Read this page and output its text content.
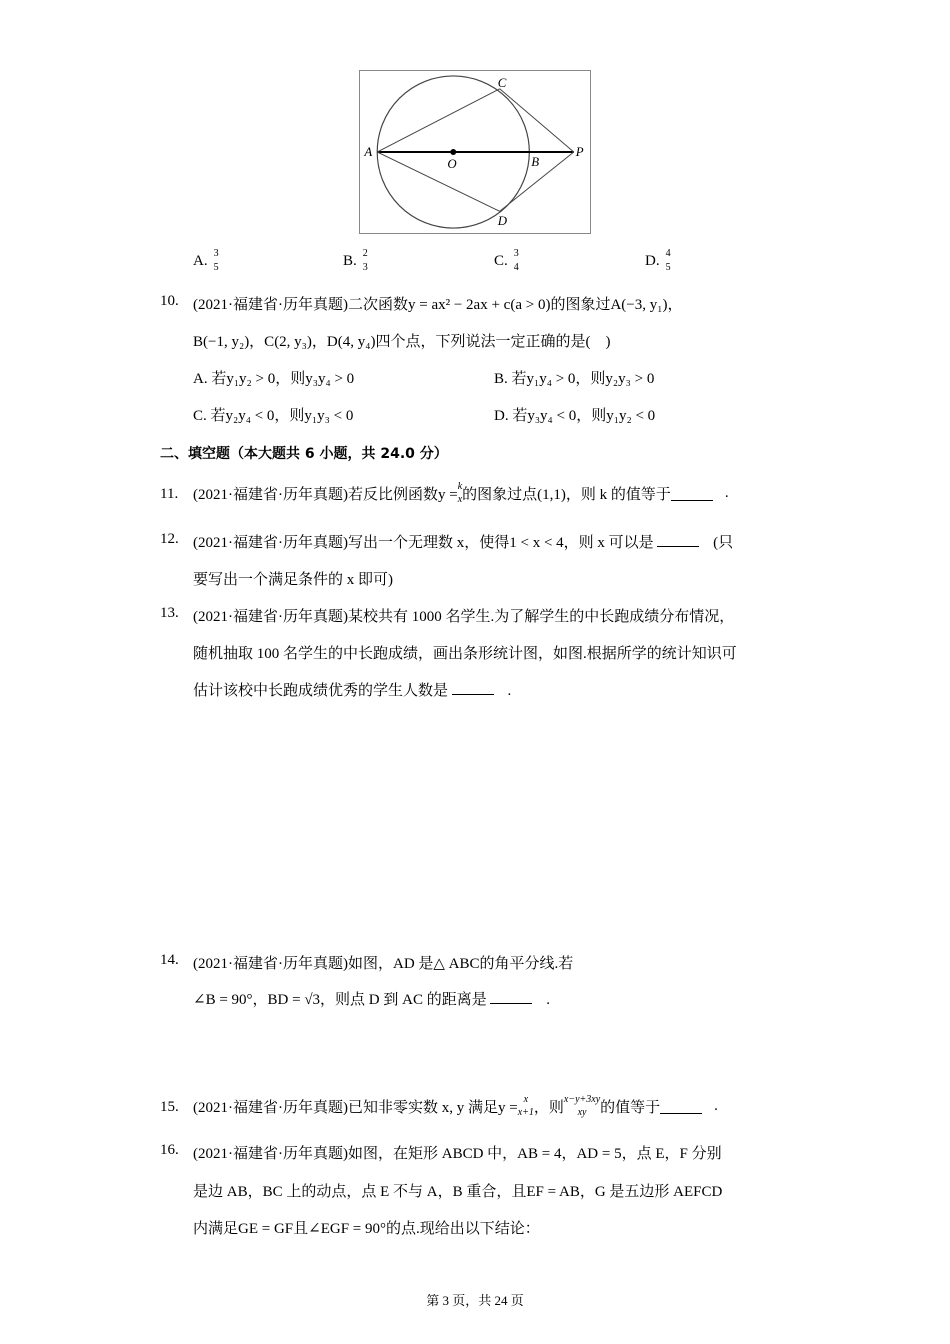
A
O	B
P
C
D
A. 3
5	B. 2
3	C. 3
4	D. 4
5
10. (2021·福建省·历年真题)二次函数y = ax² − 2ax + c(a > 0)的图象过A(−3, y₁)，
B(−1, y₂)，C(2, y₃)，D(4, y₄)四个点，下列说法一定正确的是(　)
A. 若y₁y₂ > 0，则y₃y₄ > 0	B. 若y₁y₄ > 0，则y₂y₃ > 0
C. 若y₂y₄ < 0，则y₁y₃ < 0	D. 若y₃y₄ < 0，则y₁y₂ < 0
二、填空题（本大题共 6 小题，共 24.0 分）
11. (2021·福建省·历年真题)若反比例函数y = k
x 的图象过点(1,1)，则 k 的值等于	.
12. (2021·福建省·历年真题)写出一个无理数 x，使得1 < x < 4，则 x 可以是	(只
要写出一个满足条件的 x 即可)
13. (2021·福建省·历年真题)某校共有 1000 名学生.为了解学生的中长跑成绩分布情况，
随机抽取 100 名学生的中长跑成绩，画出条形统计图，如图.根据所学的统计知识可
估计该校中长跑成绩优秀的学生人数是	.
14. (2021·福建省·历年真题)如图，AD 是△ ABC的角平分线.若
∠B = 90°，BD = √3，则点 D 到 AC 的距离是	.
15. (2021·福建省·历年真题)已知非零实数 x, y 满足y = x
x+1 ，则 x−y+3xy
xy 的值等于	.
16. (2021·福建省·历年真题)如图，在矩形 ABCD 中，AB = 4，AD = 5，点 E，F 分别
是边 AB，BC 上的动点，点 E 不与 A，B 重合，且EF = AB，G 是五边形 AEFCD
内满足GE = GF且∠EGF = 90°的点.现给出以下结论：
第 3 页，共 24 页
